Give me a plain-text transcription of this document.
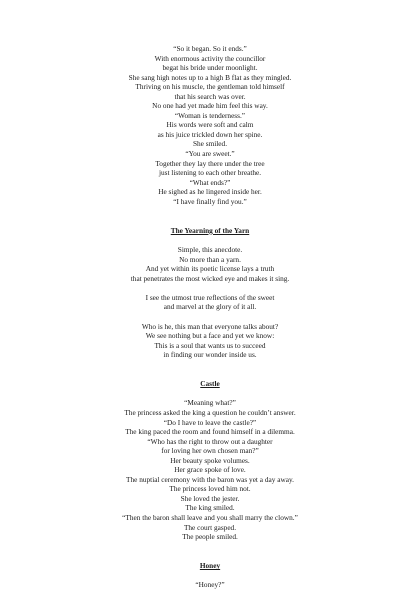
“So it began. So it ends.”
With enormous activity the councillor
begat his bride under moonlight.
She sang high notes up to a high B flat as they mingled.
Thriving on his muscle, the gentleman told himself
that his search was over.
No one had yet made him feel this way.
“Woman is tenderness.”
His words were soft and calm
as his juice trickled down her spine.
She smiled.
“You are sweet.”
Together they lay there under the tree
just listening to each other breathe.
“What ends?”
He sighed as he lingered inside her.
“I have finally find you.”
The Yearning of the Yarn
Simple, this anecdote.
No more than a yarn.
And yet within its poetic license lays a truth
that penetrates the most wicked eye and makes it sing.
I see the utmost true reflections of the sweet
and marvel at the glory of it all.
Who is he, this man that everyone talks about?
We see nothing but a face and yet we know:
This is a soul that wants us to succeed
in finding our wonder inside us.
Castle
“Meaning what?”
The princess asked the king a question he couldn’t answer.
“Do I have to leave the castle?”
The king paced the room and found himself in a dilemma.
“Who has the right to throw out a daughter
for loving her own chosen man?”
Her beauty spoke volumes.
Her grace spoke of love.
The nuptial ceremony with the baron was yet a day away.
The princess loved him not.
She loved the jester.
The king smiled.
“Then the baron shall leave and you shall marry the clown.”
The court gasped.
The people smiled.
Honey
“Honey?”
